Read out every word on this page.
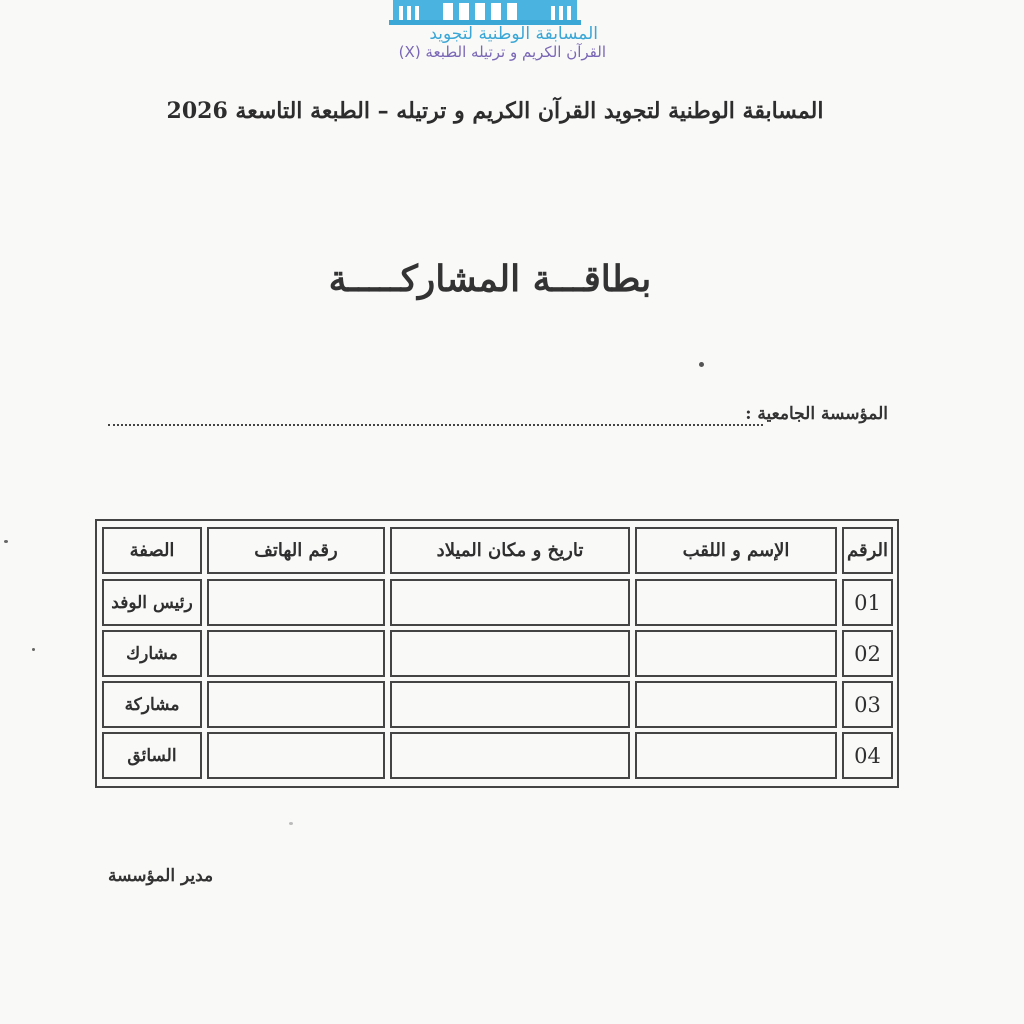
المسابقة الوطنية لتجويد
القرآن الكريم و ترتيله الطبعة (X)
المسابقة الوطنية لتجويد القرآن الكريم و ترتيله – الطبعة التاسعة 2026
بطاقـــة المشاركـــــة
المؤسسة الجامعية :
الرقم
الإسم و اللقب
تاريخ و مكان الميلاد
رقم الهاتف
الصفة
01
رئيس الوفد
02
مشارك
03
مشاركة
04
السائق
مدير المؤسسة
